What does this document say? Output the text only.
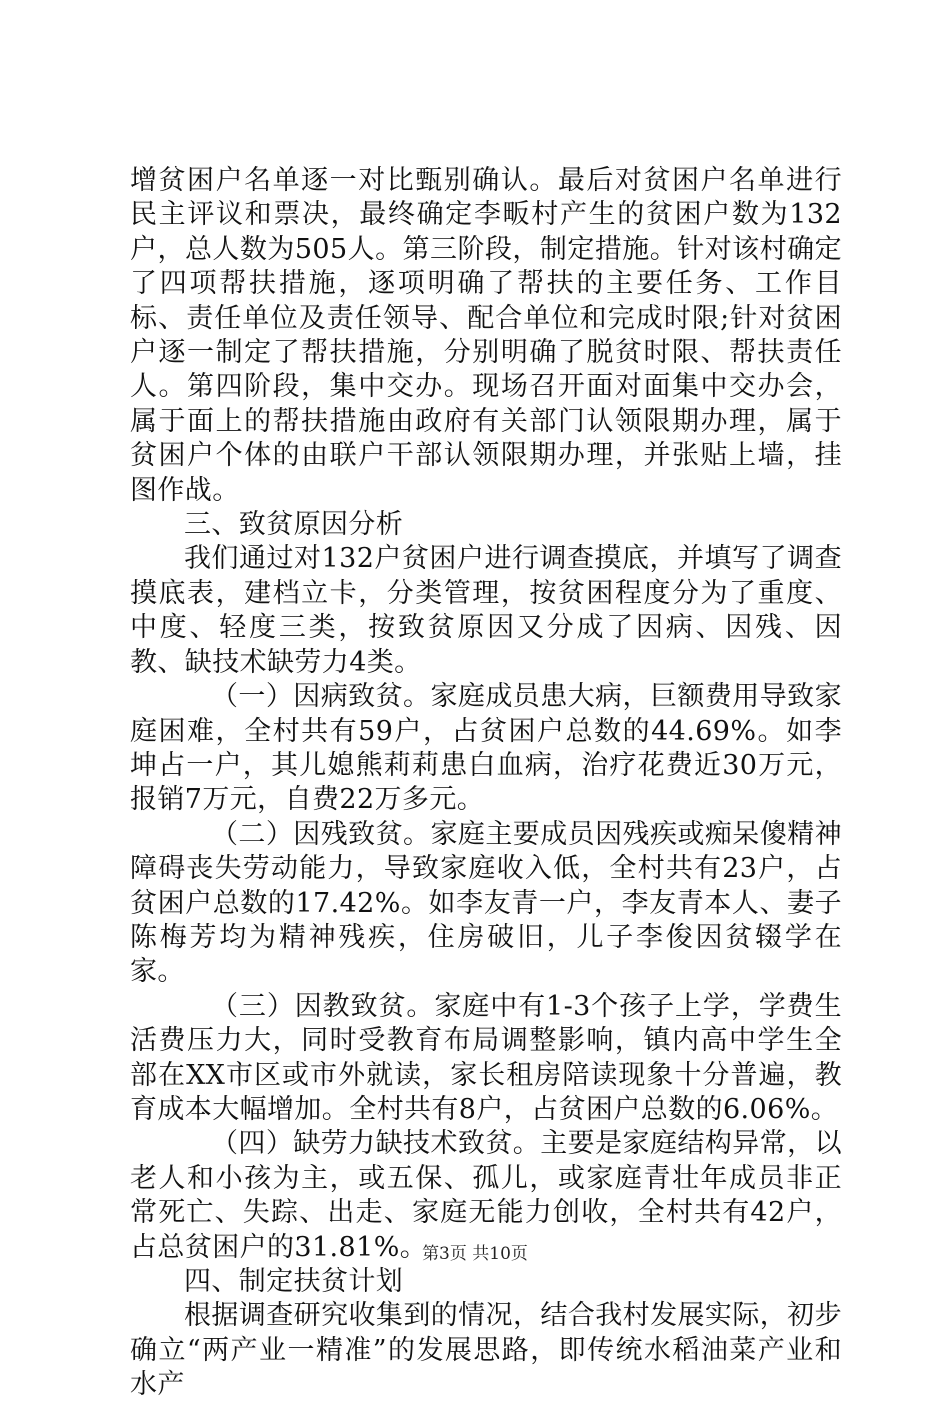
增贫困户名单逐一对比甄别确认。最后对贫困户名单进行民主评议和票决，最终确定李畈村产生的贫困户数为132户，总人数为505人。第三阶段，制定措施。针对该村确定了四项帮扶措施，逐项明确了帮扶的主要任务、工作目标、责任单位及责任领导、配合单位和完成时限;针对贫困户逐一制定了帮扶措施，分别明确了脱贫时限、帮扶责任人。第四阶段，集中交办。现场召开面对面集中交办会，属于面上的帮扶措施由政府有关部门认领限期办理，属于贫困户个体的由联户干部认领限期办理，并张贴上墙，挂图作战。

三、致贫原因分析

我们通过对132户贫困户进行调查摸底，并填写了调查摸底表，建档立卡，分类管理，按贫困程度分为了重度、中度、轻度三类，按致贫原因又分成了因病、因残、因教、缺技术缺劳力4类。

（一）因病致贫。家庭成员患大病，巨额费用导致家庭困难，全村共有59户，占贫困户总数的44.69%。如李坤占一户，其儿媳熊莉莉患白血病，治疗花费近30万元，报销7万元，自费22万多元。

（二）因残致贫。家庭主要成员因残疾或痴呆傻精神障碍丧失劳动能力，导致家庭收入低，全村共有23户，占贫困户总数的17.42%。如李友青一户，李友青本人、妻子陈梅芳均为精神残疾，住房破旧，儿子李俊因贫辍学在家。

（三）因教致贫。家庭中有1-3个孩子上学，学费生活费压力大，同时受教育布局调整影响，镇内高中学生全部在XX市区或市外就读，家长租房陪读现象十分普遍，教育成本大幅增加。全村共有8户，占贫困户总数的6.06%。

（四）缺劳力缺技术致贫。主要是家庭结构异常，以老人和小孩为主，或五保、孤儿，或家庭青壮年成员非正常死亡、失踪、出走、家庭无能力创收，全村共有42户，占总贫困户的31.81%。

四、制定扶贫计划

根据调查研究收集到的情况，结合我村发展实际，初步确立“两产业一精准”的发展思路，即传统水稻油菜产业和水产

第3页 共10页
